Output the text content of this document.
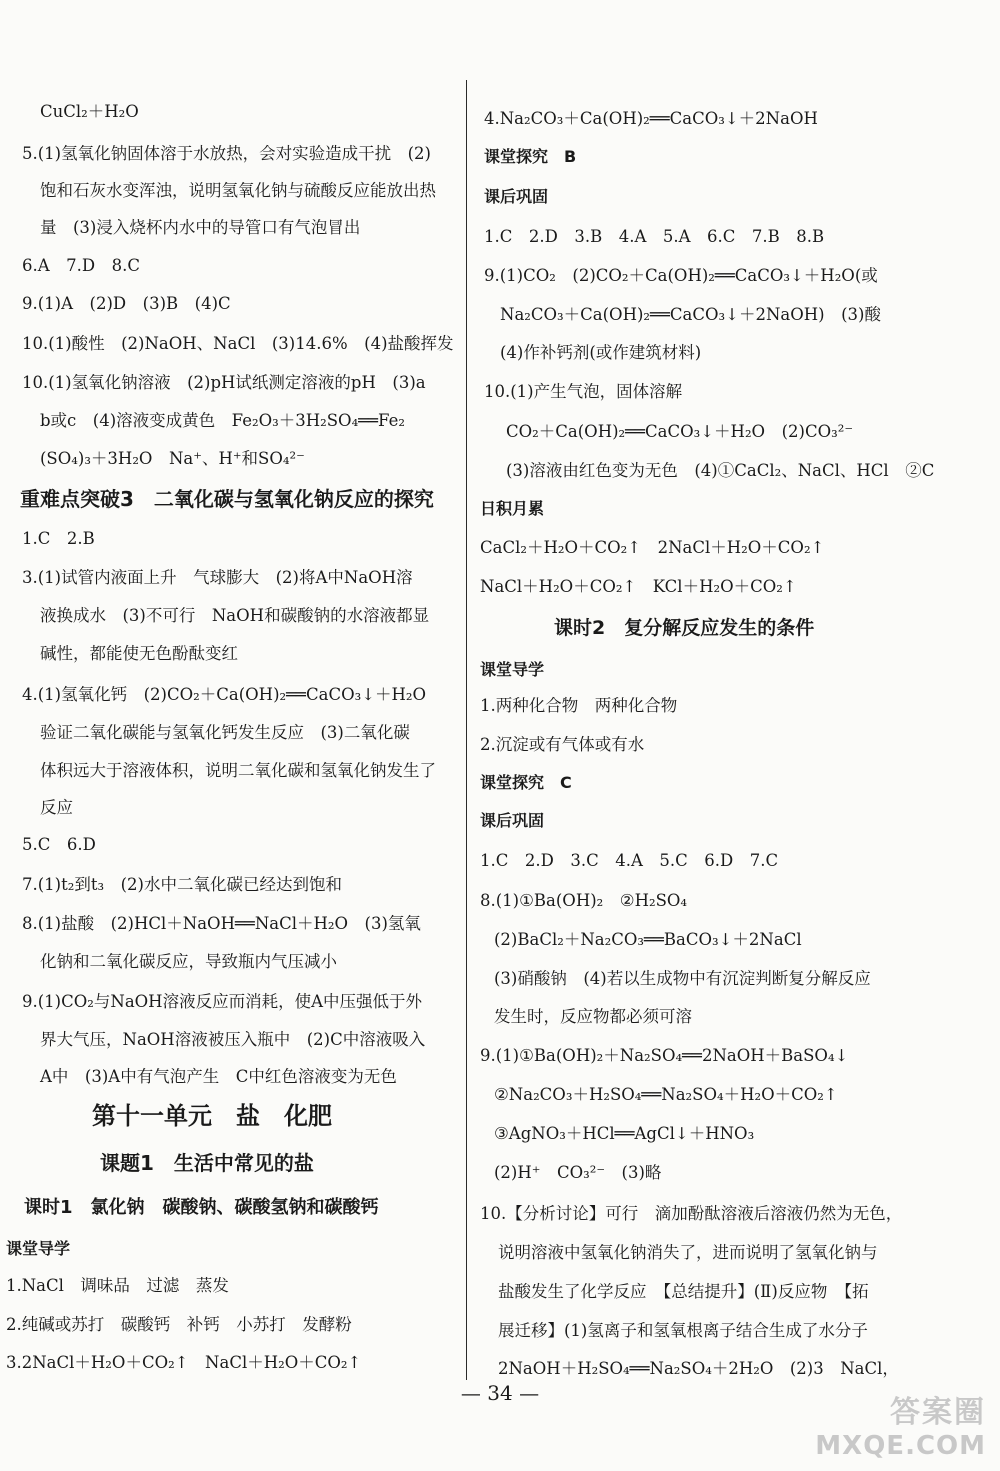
CuCl₂＋H₂O
5.(1)氢氧化钠固体溶于水放热，会对实验造成干扰　(2)
饱和石灰水变浑浊，说明氢氧化钠与硫酸反应能放出热
量　(3)浸入烧杯内水中的导管口有气泡冒出
6.A　7.D　8.C
9.(1)A　(2)D　(3)B　(4)C
10.(1)酸性　(2)NaOH、NaCl　(3)14.6%　(4)盐酸挥发
10.(1)氢氧化钠溶液　(2)pH试纸测定溶液的pH　(3)a
b或c　(4)溶液变成黄色　Fe₂O₃＋3H₂SO₄══Fe₂
(SO₄)₃＋3H₂O　Na⁺、H⁺和SO₄²⁻
重难点突破3　二氧化碳与氢氧化钠反应的探究
1.C　2.B
3.(1)试管内液面上升　气球膨大　(2)将A中NaOH溶
液换成水　(3)不可行　NaOH和碳酸钠的水溶液都显
碱性，都能使无色酚酞变红
4.(1)氢氧化钙　(2)CO₂＋Ca(OH)₂══CaCO₃↓＋H₂O
验证二氧化碳能与氢氧化钙发生反应　(3)二氧化碳
体积远大于溶液体积，说明二氧化碳和氢氧化钠发生了
反应
5.C　6.D
7.(1)t₂到t₃　(2)水中二氧化碳已经达到饱和
8.(1)盐酸　(2)HCl＋NaOH══NaCl＋H₂O　(3)氢氧
化钠和二氧化碳反应，导致瓶内气压减小
9.(1)CO₂与NaOH溶液反应而消耗，使A中压强低于外
界大气压，NaOH溶液被压入瓶中　(2)C中溶液吸入
A中　(3)A中有气泡产生　C中红色溶液变为无色
第十一单元　盐　化肥
课题1　生活中常见的盐
课时1　氯化钠　碳酸钠、碳酸氢钠和碳酸钙
课堂导学
1.NaCl　调味品　过滤　蒸发
2.纯碱或苏打　碳酸钙　补钙　小苏打　发酵粉
3.2NaCl＋H₂O＋CO₂↑　NaCl＋H₂O＋CO₂↑
4.Na₂CO₃＋Ca(OH)₂══CaCO₃↓＋2NaOH
课堂探究　B
课后巩固
1.C　2.D　3.B　4.A　5.A　6.C　7.B　8.B
9.(1)CO₂　(2)CO₂＋Ca(OH)₂══CaCO₃↓＋H₂O(或
Na₂CO₃＋Ca(OH)₂══CaCO₃↓＋2NaOH)　(3)酸
(4)作补钙剂(或作建筑材料)
10.(1)产生气泡，固体溶解
CO₂＋Ca(OH)₂══CaCO₃↓＋H₂O　(2)CO₃²⁻
(3)溶液由红色变为无色　(4)①CaCl₂、NaCl、HCl　②C
日积月累
CaCl₂＋H₂O＋CO₂↑　2NaCl＋H₂O＋CO₂↑
NaCl＋H₂O＋CO₂↑　KCl＋H₂O＋CO₂↑
课时2　复分解反应发生的条件
课堂导学
1.两种化合物　两种化合物
2.沉淀或有气体或有水
课堂探究　C
课后巩固
1.C　2.D　3.C　4.A　5.C　6.D　7.C
8.(1)①Ba(OH)₂　②H₂SO₄
(2)BaCl₂＋Na₂CO₃══BaCO₃↓＋2NaCl
(3)硝酸钠　(4)若以生成物中有沉淀判断复分解反应
发生时，反应物都必须可溶
9.(1)①Ba(OH)₂＋Na₂SO₄══2NaOH＋BaSO₄↓
②Na₂CO₃＋H₂SO₄══Na₂SO₄＋H₂O＋CO₂↑
③AgNO₃＋HCl══AgCl↓＋HNO₃
(2)H⁺　CO₃²⁻　(3)略
10.【分析讨论】可行　滴加酚酞溶液后溶液仍然为无色，
说明溶液中氢氧化钠消失了，进而说明了氢氧化钠与
盐酸发生了化学反应　【总结提升】(Ⅱ)反应物　【拓
展迁移】(1)氢离子和氢氧根离子结合生成了水分子
2NaOH＋H₂SO₄══Na₂SO₄＋2H₂O　(2)3　NaCl，
— 34 —
答案圈
MXQE.COM
